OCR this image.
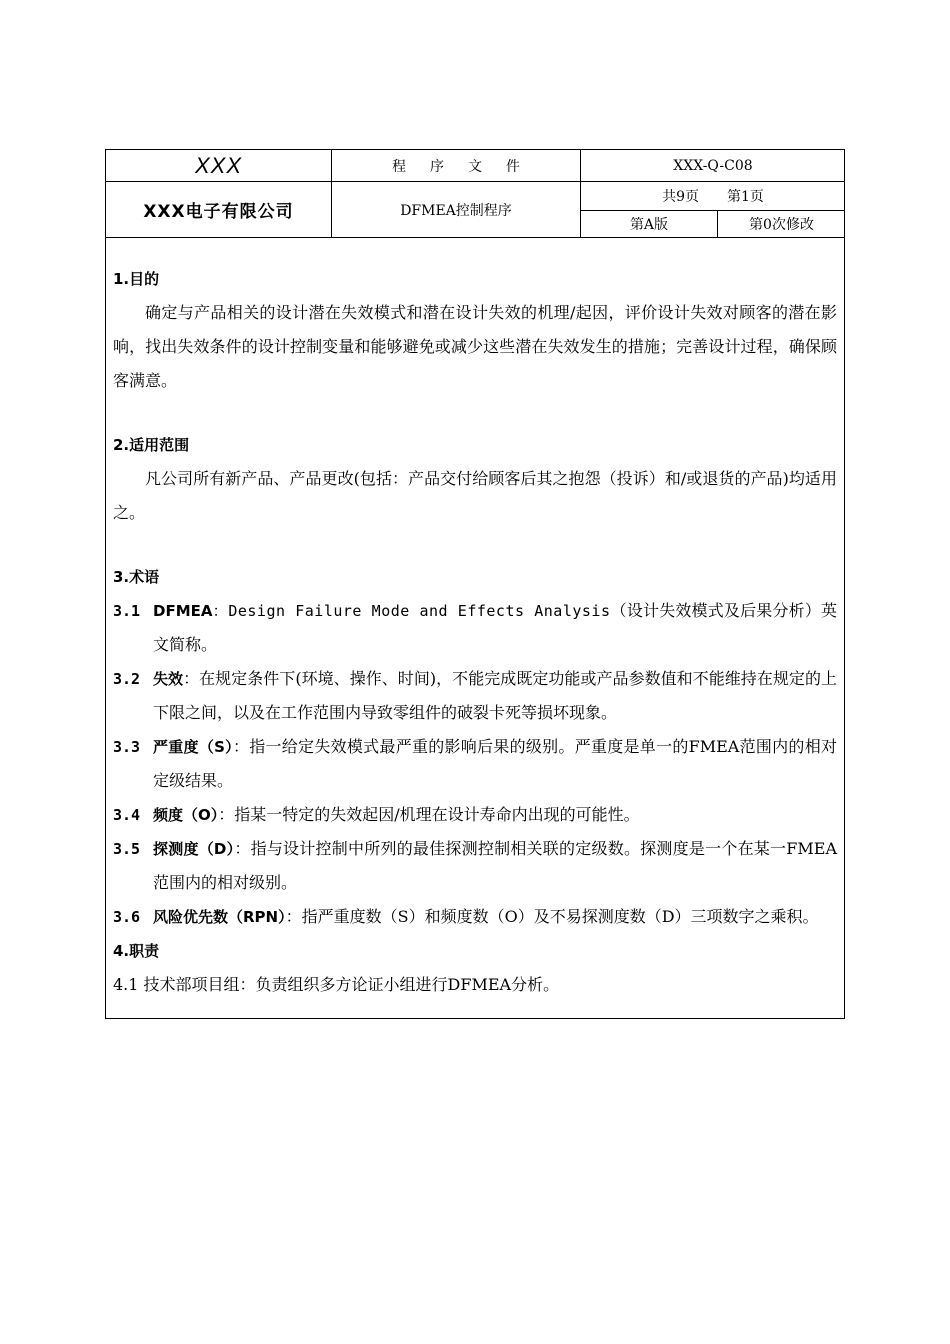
XXX	程序文件	XXX-Q-C08
XXX电子有限公司	DFMEA控制程序
共9页 第1页
第A版	第0次修改
1.目的
确定与产品相关的设计潜在失效模式和潜在设计失效的机理/起因，评价设计失效对顾客的潜在影响，找出失效条件的设计控制变量和能够避免或减少这些潜在失效发生的措施；完善设计过程，确保顾客满意。
2.适用范围
凡公司所有新产品、产品更改(包括：产品交付给顾客后其之抱怨（投诉）和/或退货的产品)均适用之。
3.术语
3.1 DFMEA：Design Failure Mode and Effects Analysis（设计失效模式及后果分析）英文简称。
3.2 失效：在规定条件下(环境、操作、时间)，不能完成既定功能或产品参数值和不能维持在规定的上下限之间，以及在工作范围内导致零组件的破裂卡死等损坏现象。
3.3 严重度（S）：指一给定失效模式最严重的影响后果的级别。严重度是单一的FMEA范围内的相对定级结果。
3.4 频度（O）：指某一特定的失效起因/机理在设计寿命内出现的可能性。
3.5 探测度（D）：指与设计控制中所列的最佳探测控制相关联的定级数。探测度是一个在某一FMEA范围内的相对级别。
3.6 风险优先数（RPN）：指严重度数（S）和频度数（O）及不易探测度数（D）三项数字之乘积。
4.职责
4.1 技术部项目组：负责组织多方论证小组进行DFMEA分析。
